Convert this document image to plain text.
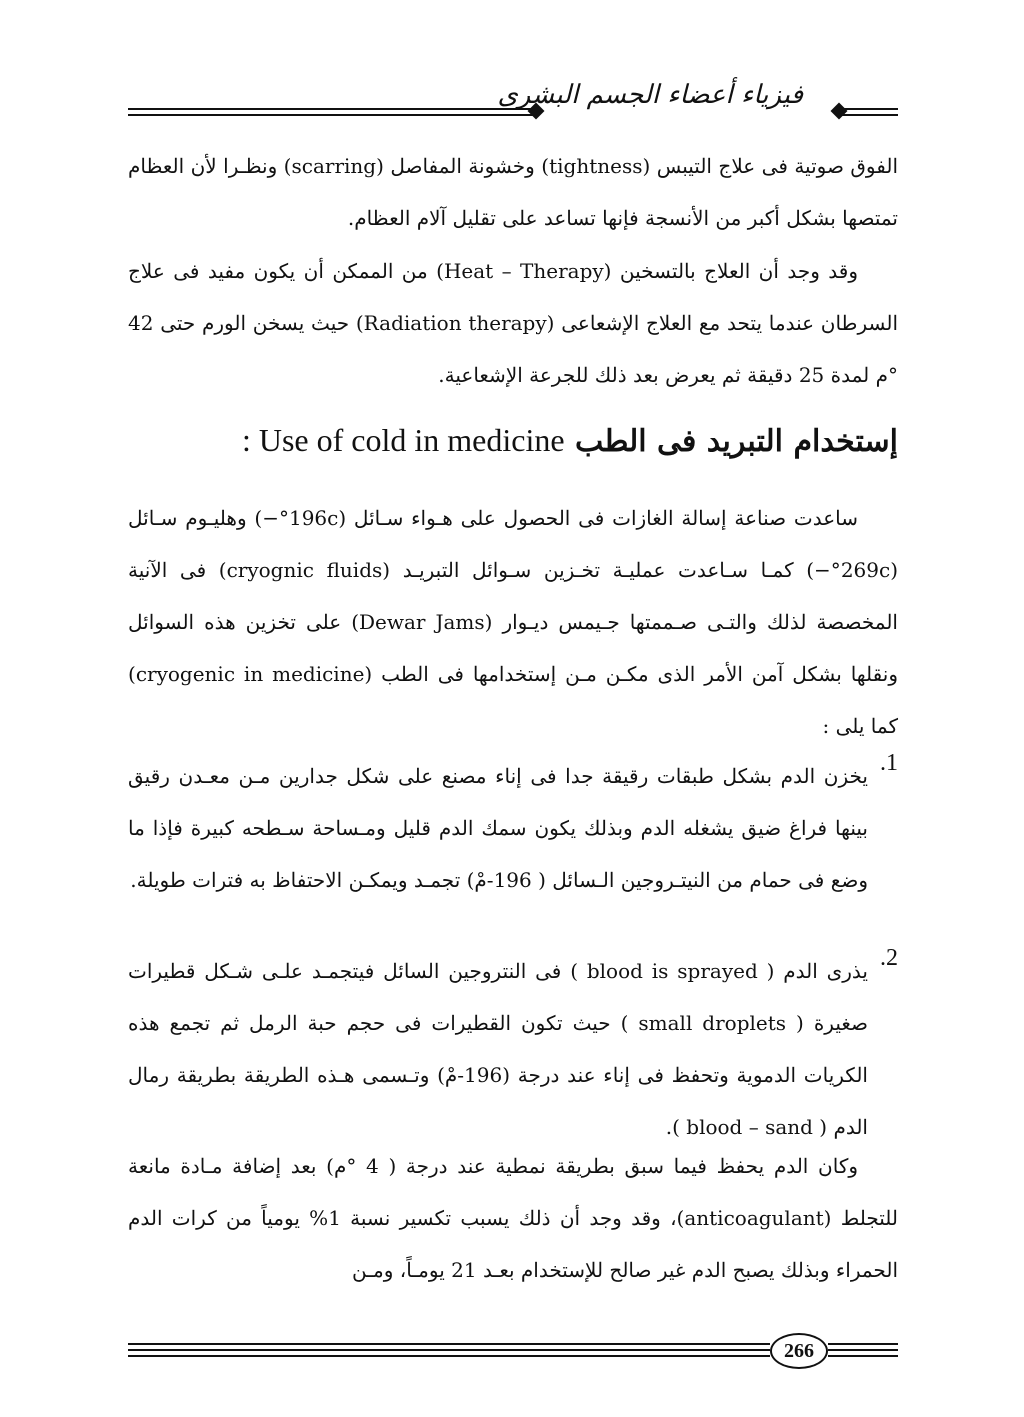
فيزياء أعضاء الجسم البشرى

الفوق صوتية فى علاج التيبس (tightness) وخشونة المفاصل (scarring) ونظـرا لأن العظام تمتصها بشكل أكبر من الأنسجة فإنها تساعد على تقليل آلام العظام.

وقد وجد أن العلاج بالتسخين (Heat – Therapy) من الممكن أن يكون مفيد فى علاج السرطان عندما يتحد مع العلاج الإشعاعى (Radiation therapy) حيث يسخن الورم حتى 42 °م لمدة 25 دقيقة ثم يعرض بعد ذلك للجرعة الإشعاعية.

إستخدام التبريد فى الطب : Use of cold in medicine

ساعدت صناعة إسالة الغازات فى الحصول على هـواء سـائل (196c°−) وهليـوم سـائل (269c°−) كمـا سـاعدت عمليـة تخـزين سـوائل التبريـد (cryognic fluids) فى الآنية المخصصة لذلك والتـى صـممتها جـيمس ديـوار (Dewar Jams) على تخزين هذه السوائل ونقلها بشكل آمن الأمر الذى مكـن مـن إستخدامها فى الطب (cryogenic in medicine) كما يلى :

1.

يخزن الدم بشكل طبقات رقيقة جدا فى إناء مصنع على شكل جدارين مـن معـدن رقيق بينها فراغ ضيق يشغله الدم وبذلك يكون سمك الدم قليل ومـساحة سـطحه كبيرة فإذا ما وضع فى حمام من النيتـروجين الـسائل ( 196-مْ) تجمـد ويمكـن الاحتفاظ به فترات طويلة.

2.

يذرى الدم ( blood is sprayed ) فى النتروجين السائل فيتجمـد علـى شـكل قطيرات صغيرة ( small droplets ) حيث تكون القطيرات فى حجم حبة الرمل ثم تجمع هذه الكريات الدموية وتحفظ فى إناء عند درجة (196-مْ) وتـسمى هـذه الطريقة بطريقة رمال الدم ( blood – sand ).

وكان الدم يحفظ فيما سبق بطريقة نمطية عند درجة ( 4 °م) بعد إضافة مـادة مانعة للتجلط (anticoagulant)، وقد وجد أن ذلك يسبب تكسير نسبة 1% يومياً من كرات الدم الحمراء وبذلك يصبح الدم غير صالح للإستخدام بعـد 21 يومـاً، ومـن

266
